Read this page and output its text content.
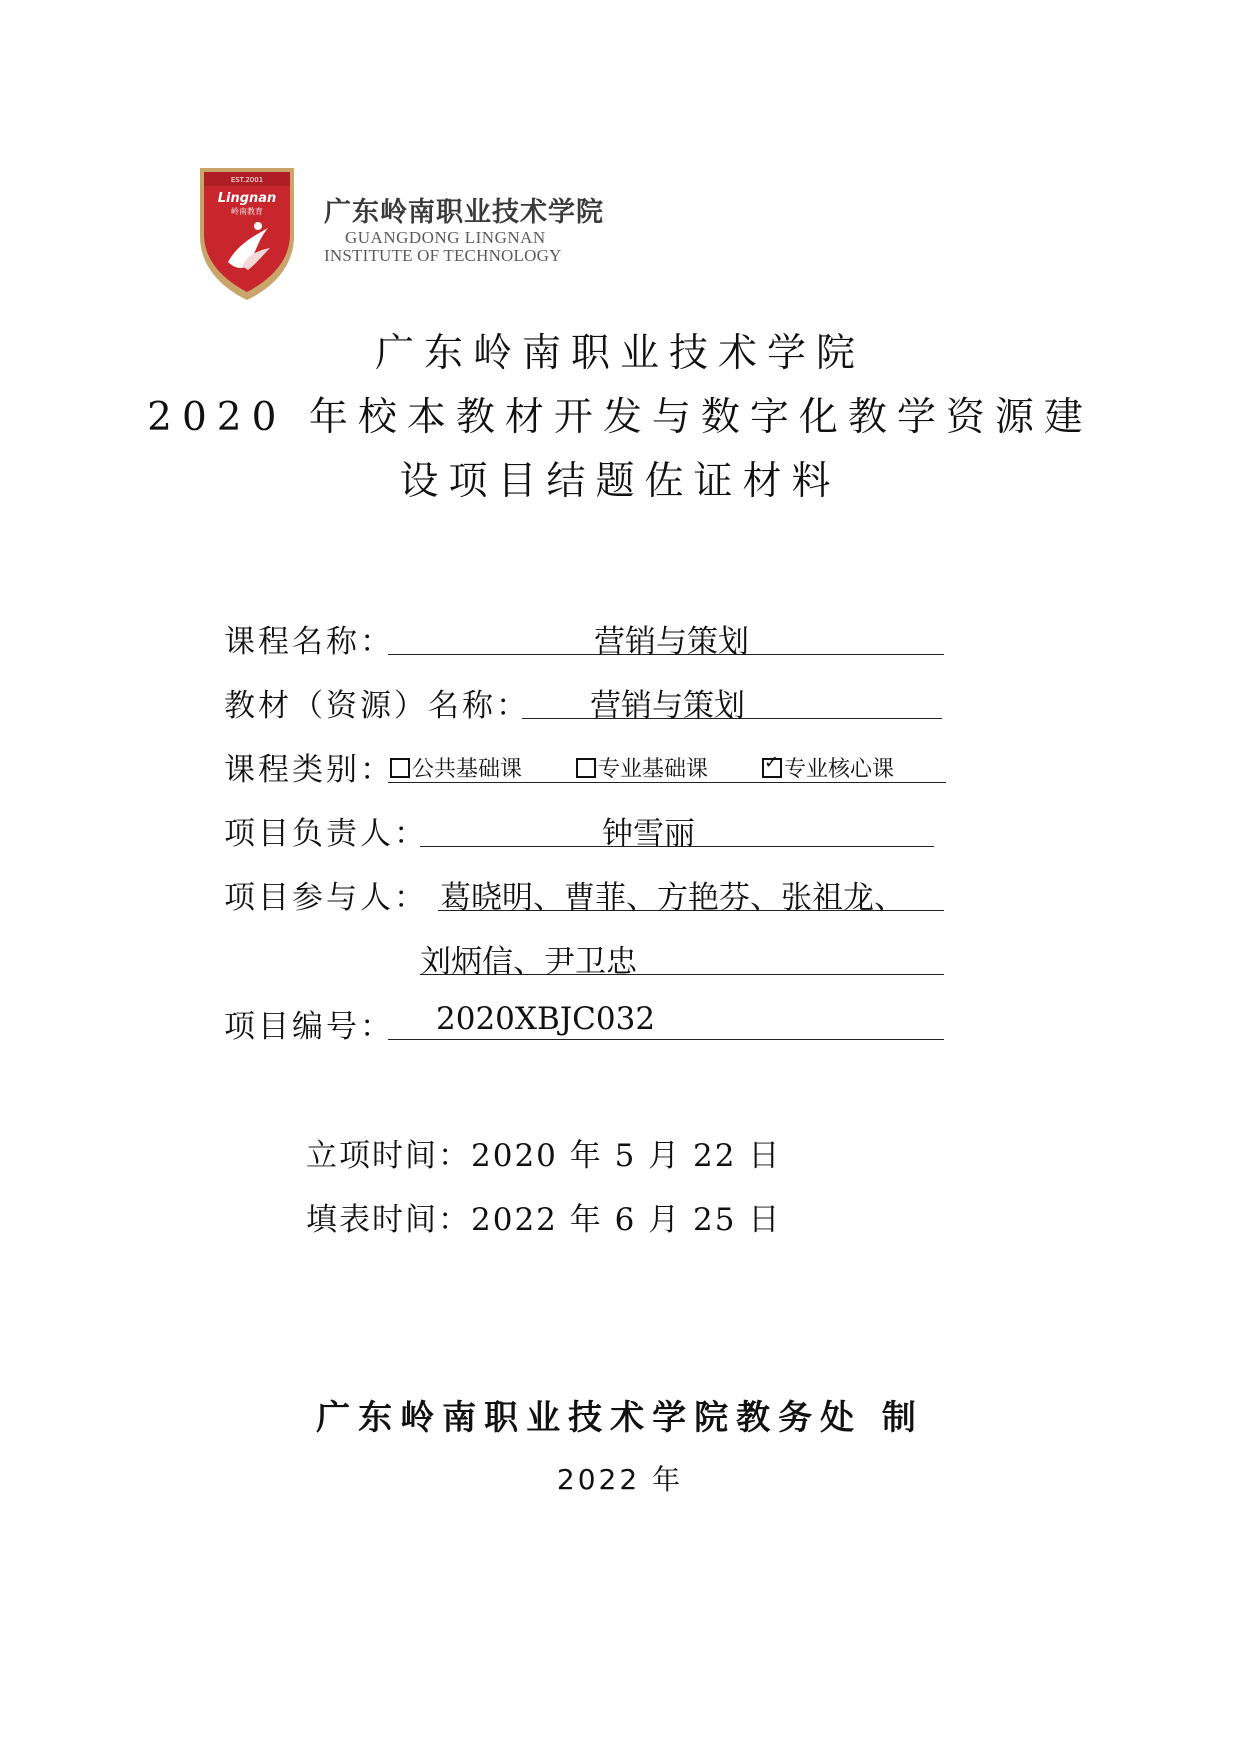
EST.2001
Lingnan
岭南教育 广东岭南职业技术学院
GUANGDONG LINGNAN
INSTITUTE OF TECHNOLOGY
广东岭南职业技术学院
2020 年校本教材开发与数字化教学资源建
设项目结题佐证材料
课程名称：	营销与策划
教材（资源）名称： 营销与策划
课程类别： 公共基础课	专业基础课	✓ 专业核心课
项目负责人：	钟雪丽
项目参与人： 葛晓明、曹菲、方艳芬、张祖龙、
刘炳信、尹卫忠
项目编号： 2020XBJC032
立项时间：2020 年 5 月 22 日
填表时间：2022 年 6 月 25 日
广东岭南职业技术学院教务处 制
2022 年
